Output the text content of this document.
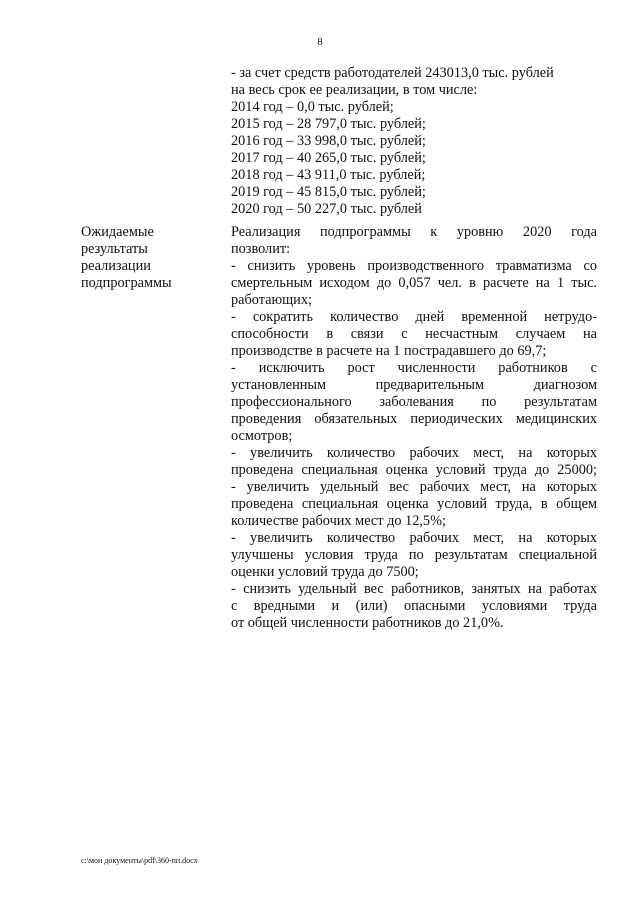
8
- за счет средств работодателей 243013,0 тыс. рублей
на весь срок ее реализации, в том числе:
2014 год – 0,0 тыс. рублей;
2015 год – 28 797,0 тыс. рублей;
2016 год – 33 998,0 тыс. рублей;
2017 год – 40 265,0 тыс. рублей;
2018 год – 43 911,0 тыс. рублей;
2019 год – 45 815,0 тыс. рублей;
2020 год – 50 227,0 тыс. рублей
Ожидаемые
результаты
реализации
подпрограммы
Реализация подпрограммы к уровню 2020 года
позволит:
- снизить уровень производственного травматизма со
смертельным исходом до 0,057 чел. в расчете на 1 тыс.
работающих;
- сократить количество дней временной нетрудо-
способности в связи с несчастным случаем на
производстве в расчете на 1 пострадавшего до 69,7;
- исключить рост численности работников с
установленным предварительным диагнозом
профессионального заболевания по результатам
проведения обязательных периодических медицинских
осмотров;
- увеличить количество рабочих мест, на которых
проведена специальная оценка условий труда до 25000;
- увеличить удельный вес рабочих мест, на которых
проведена специальная оценка условий труда, в общем
количестве рабочих мест до 12,5%;
- увеличить количество рабочих мест, на которых
улучшены условия труда по результатам специальной
оценки условий труда до 7500;
- снизить удельный вес работников, занятых на работах
с вредными и (или) опасными условиями труда
от общей численности работников до 21,0%.
c:\мои документы\pdf\360-пп.docx
